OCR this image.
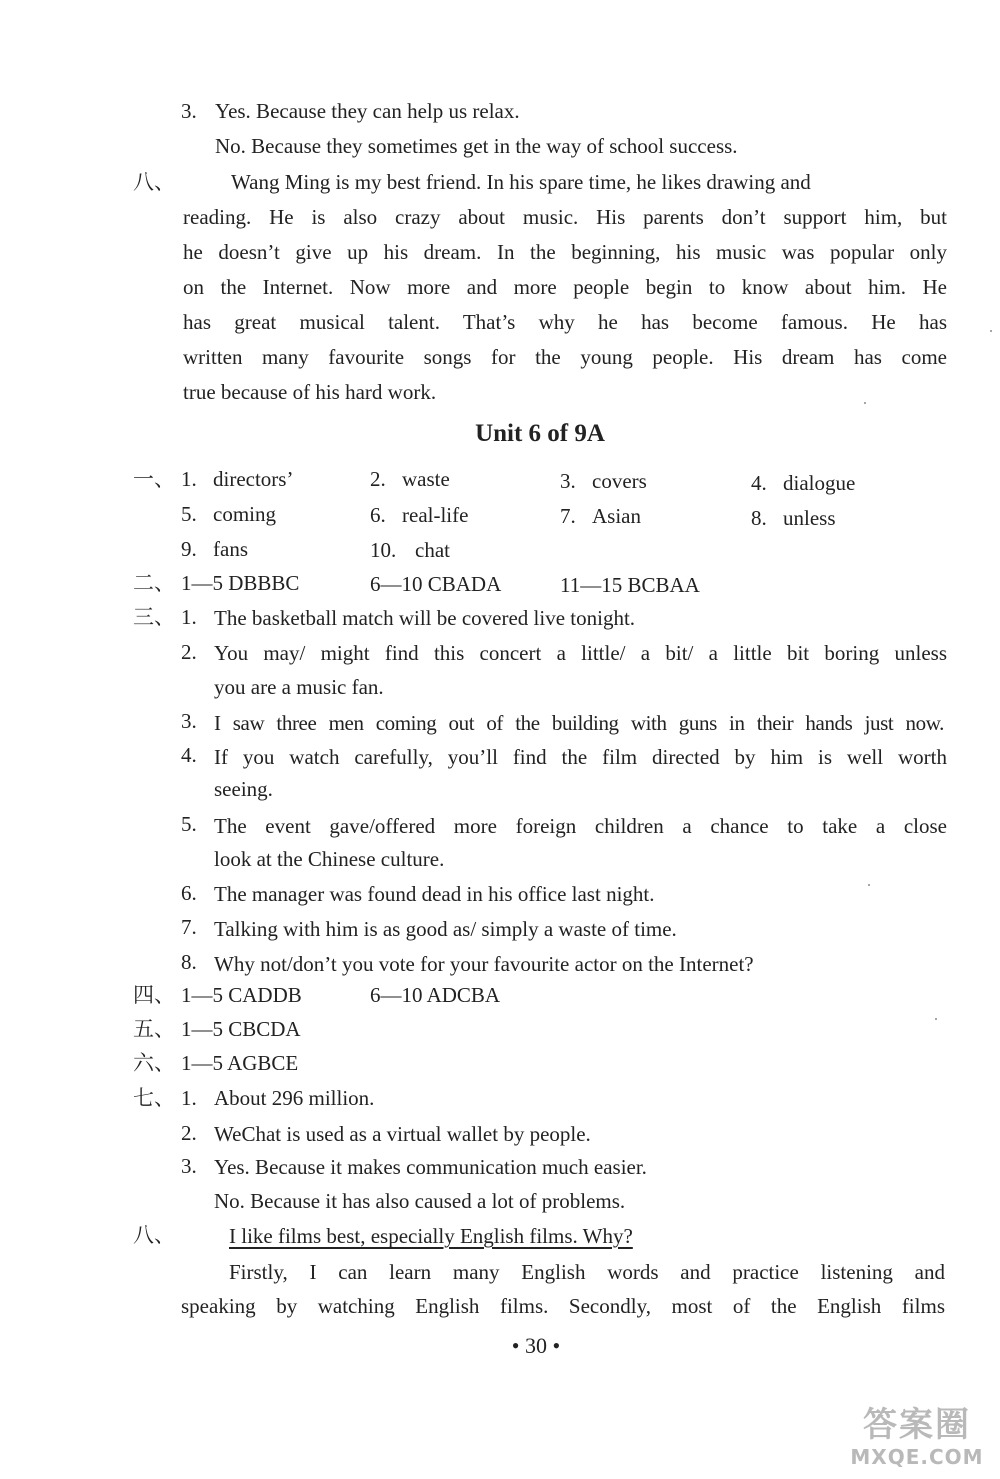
3. Yes. Because they can help us relax.
No. Because they sometimes get in the way of school success.
八、	Wang Ming is my best friend. In his spare time, he likes drawing and
reading. He is also crazy about music. His parents don’t support him, but
he doesn’t give up his dream. In the beginning, his music was popular only
on the Internet. Now more and more people begin to know about him. He
has great musical talent. That’s why he has become famous. He has
written many favourite songs for the young people. His dream has come
true because of his hard work.
Unit 6 of 9A
一、 1. directors’	2. waste	3. covers	4. dialogue
5. coming	6. real-life	7. Asian	8. unless
9. fans	10. chat
二、 1—5 DBBBC	6—10 CBADA	11—15 BCBAA
三、 1. The basketball match will be covered live tonight.
2. You may/ might find this concert a little/ a bit/ a little bit boring unless
you are a music fan.
3. I saw three men coming out of the building with guns in their hands just now.
4. If you watch carefully, you’ll find the film directed by him is well worth
seeing.
5. The event gave/offered more foreign children a chance to take a close
look at the Chinese culture.
6. The manager was found dead in his office last night.
7. Talking with him is as good as/ simply a waste of time.
8. Why not/don’t you vote for your favourite actor on the Internet?
四、 1—5 CADDB	6—10 ADCBA
五、 1—5 CBCDA
六、 1—5 AGBCE
七、 1. About 296 million.
2. WeChat is used as a virtual wallet by people.
3. Yes. Because it makes communication much easier.
No. Because it has also caused a lot of problems.
八、	I like films best, especially English films. Why?
Firstly, I can learn many English words and practice listening and
speaking by watching English films. Secondly, most of the English films
• 30 •
答案圈
MXQE.COM
